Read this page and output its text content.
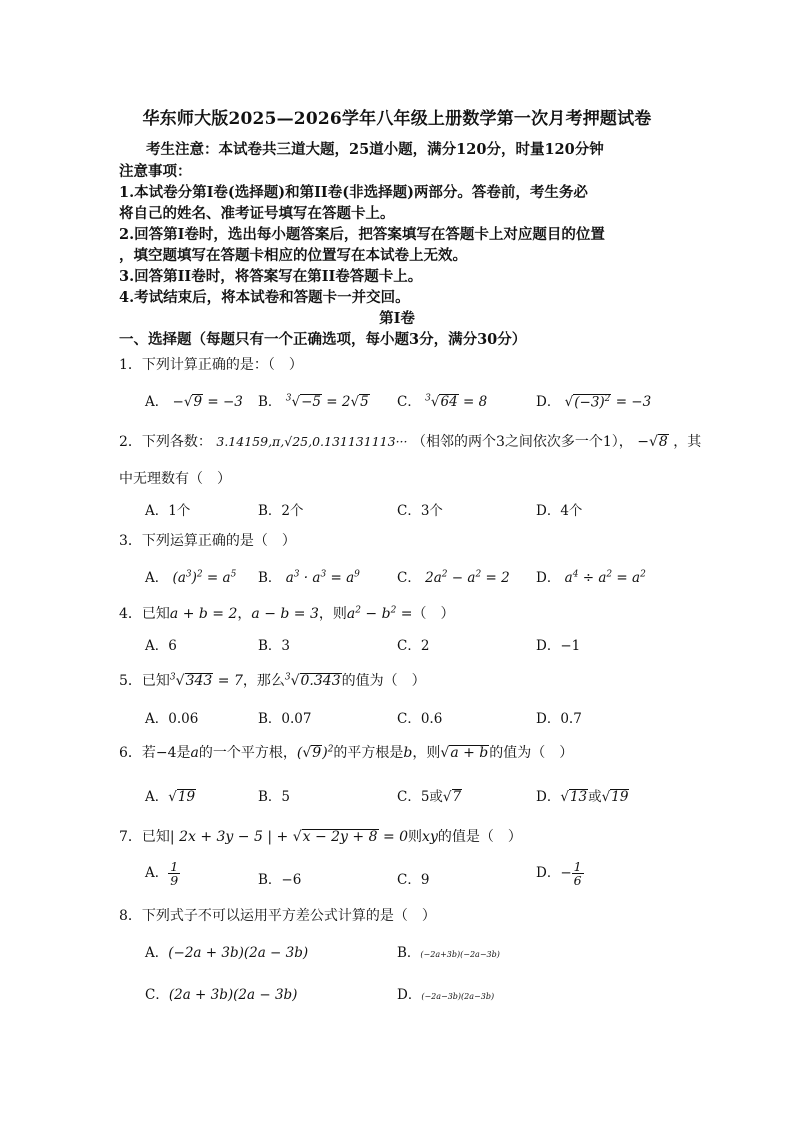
华东师大版2025—2026学年八年级上册数学第一次月考押题试卷
考生注意：本试卷共三道大题，25道小题，满分120分，时量120分钟
注意事项：
1.本试卷分第Ⅰ卷(选择题)和第II卷(非选择题)两部分。答卷前，考生务必
将自己的姓名、准考证号填写在答题卡上。
2.回答第Ⅰ卷时，选出每小题答案后，把答案填写在答题卡上对应题目的位置
，填空题填写在答题卡相应的位置写在本试卷上无效。
3.回答第II卷时，将答案写在第II卷答题卡上。
4.考试结束后，将本试卷和答题卡一并交回。
第Ⅰ卷
一、选择题（每题只有一个正确选项，每小题3分，满分30分）
1．下列计算正确的是：（　）
A． −√9 = −3 B． $^3$√−5 = 2√5 C． $^3$√64 = 8	D． $√(-3)^2 = -3$
2．下列各数： 3.14159,π,√25,0.131131113··· （相邻的两个3之间依次多一个1）， −√8 ，其
中无理数有（　）
A．1个	B．2个	C．3个	D．4个
3．下列运算正确的是（　）
A． $(a^3)^2 = a^5$ B． $a^3 \cdot a^3 = a^9$	C． $2a^2 - a^2 = 2$ D． $a^4 \div a^2 = a^2$
4．已知a + b = 2，a − b = 3，则$a^2 - b^2$ =（　）
A．6	B．3	C．2	D．−1
5．已知$^3$√343 = 7，那么$^3$√0.343的值为（　）
A．0.06	B．0.07	C．0.6	D．0.7
6．若−4是a的一个平方根，$(√9)^2$的平方根是b，则√a + b的值为（　）
A．√19	B．5	C．5或√7	D．√13或√19
7．已知| 2x + 3y − 5 | + √x − 2y + 8 = 0则xy的值是（　）
A． $\frac{1}{9}$	B．−6	C．9	D．− $\frac{1}{6}$
8．下列式子不可以运用平方差公式计算的是（　）
A．(−2a + 3b)(2a − 3b)	B．(−2a+3b)(−2a−3b)
C．(2a + 3b)(2a − 3b)	D．(−2a−3b)(2a−3b)
